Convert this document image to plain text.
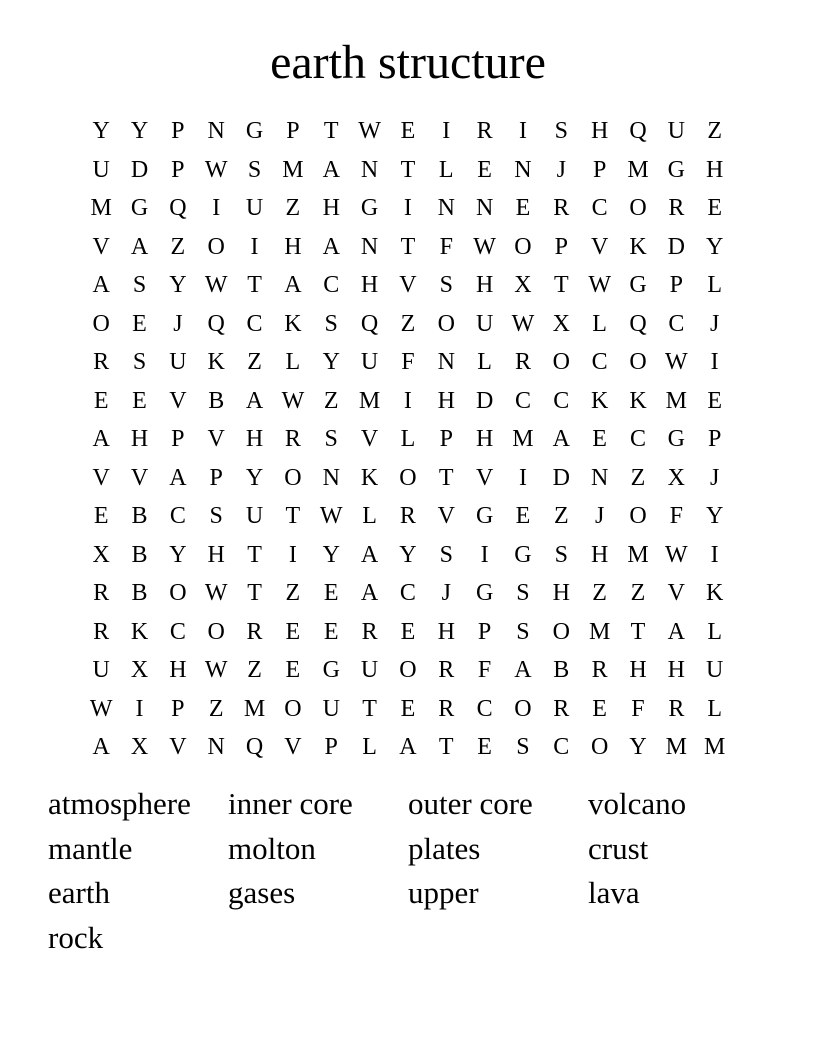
earth structure
Y Y P N G P	T W E	I	R	I	S H Q U Z
U D P W S M A N T L E N	J	P M G H
M G Q	I	U Z H G	I	N N E R C O R E
V A Z O	I	H A N T	F W O P V K D Y
A S Y W T A C H V S H X T W G P	L
O E	J	Q C K S Q Z O U W X L Q C	J
R S U K Z L Y U F N L R O C O W I
E E V B A W Z M I	H D C C K K M E
A H P V H R S V L	P H M A E C G P
V V A P Y O N K O T V	I	D N Z X	J
E B C S U T W L R V G E Z	J	O F Y
X B Y H T	I	Y A Y S	I	G S H M W I
R B O W T Z E A C	J	G S H Z Z V K
R K C O R E E R E H P	S O M T A L
U X H W Z E G U O R F A B R H H U
W I	P	Z M O U T E R C O R E	F R L
A X V N Q V P	L A T E	S C O Y M M
atmosphere	inner core	outer core	volcano
mantle	molton	plates	crust
earth	gases	upper	lava
rock
